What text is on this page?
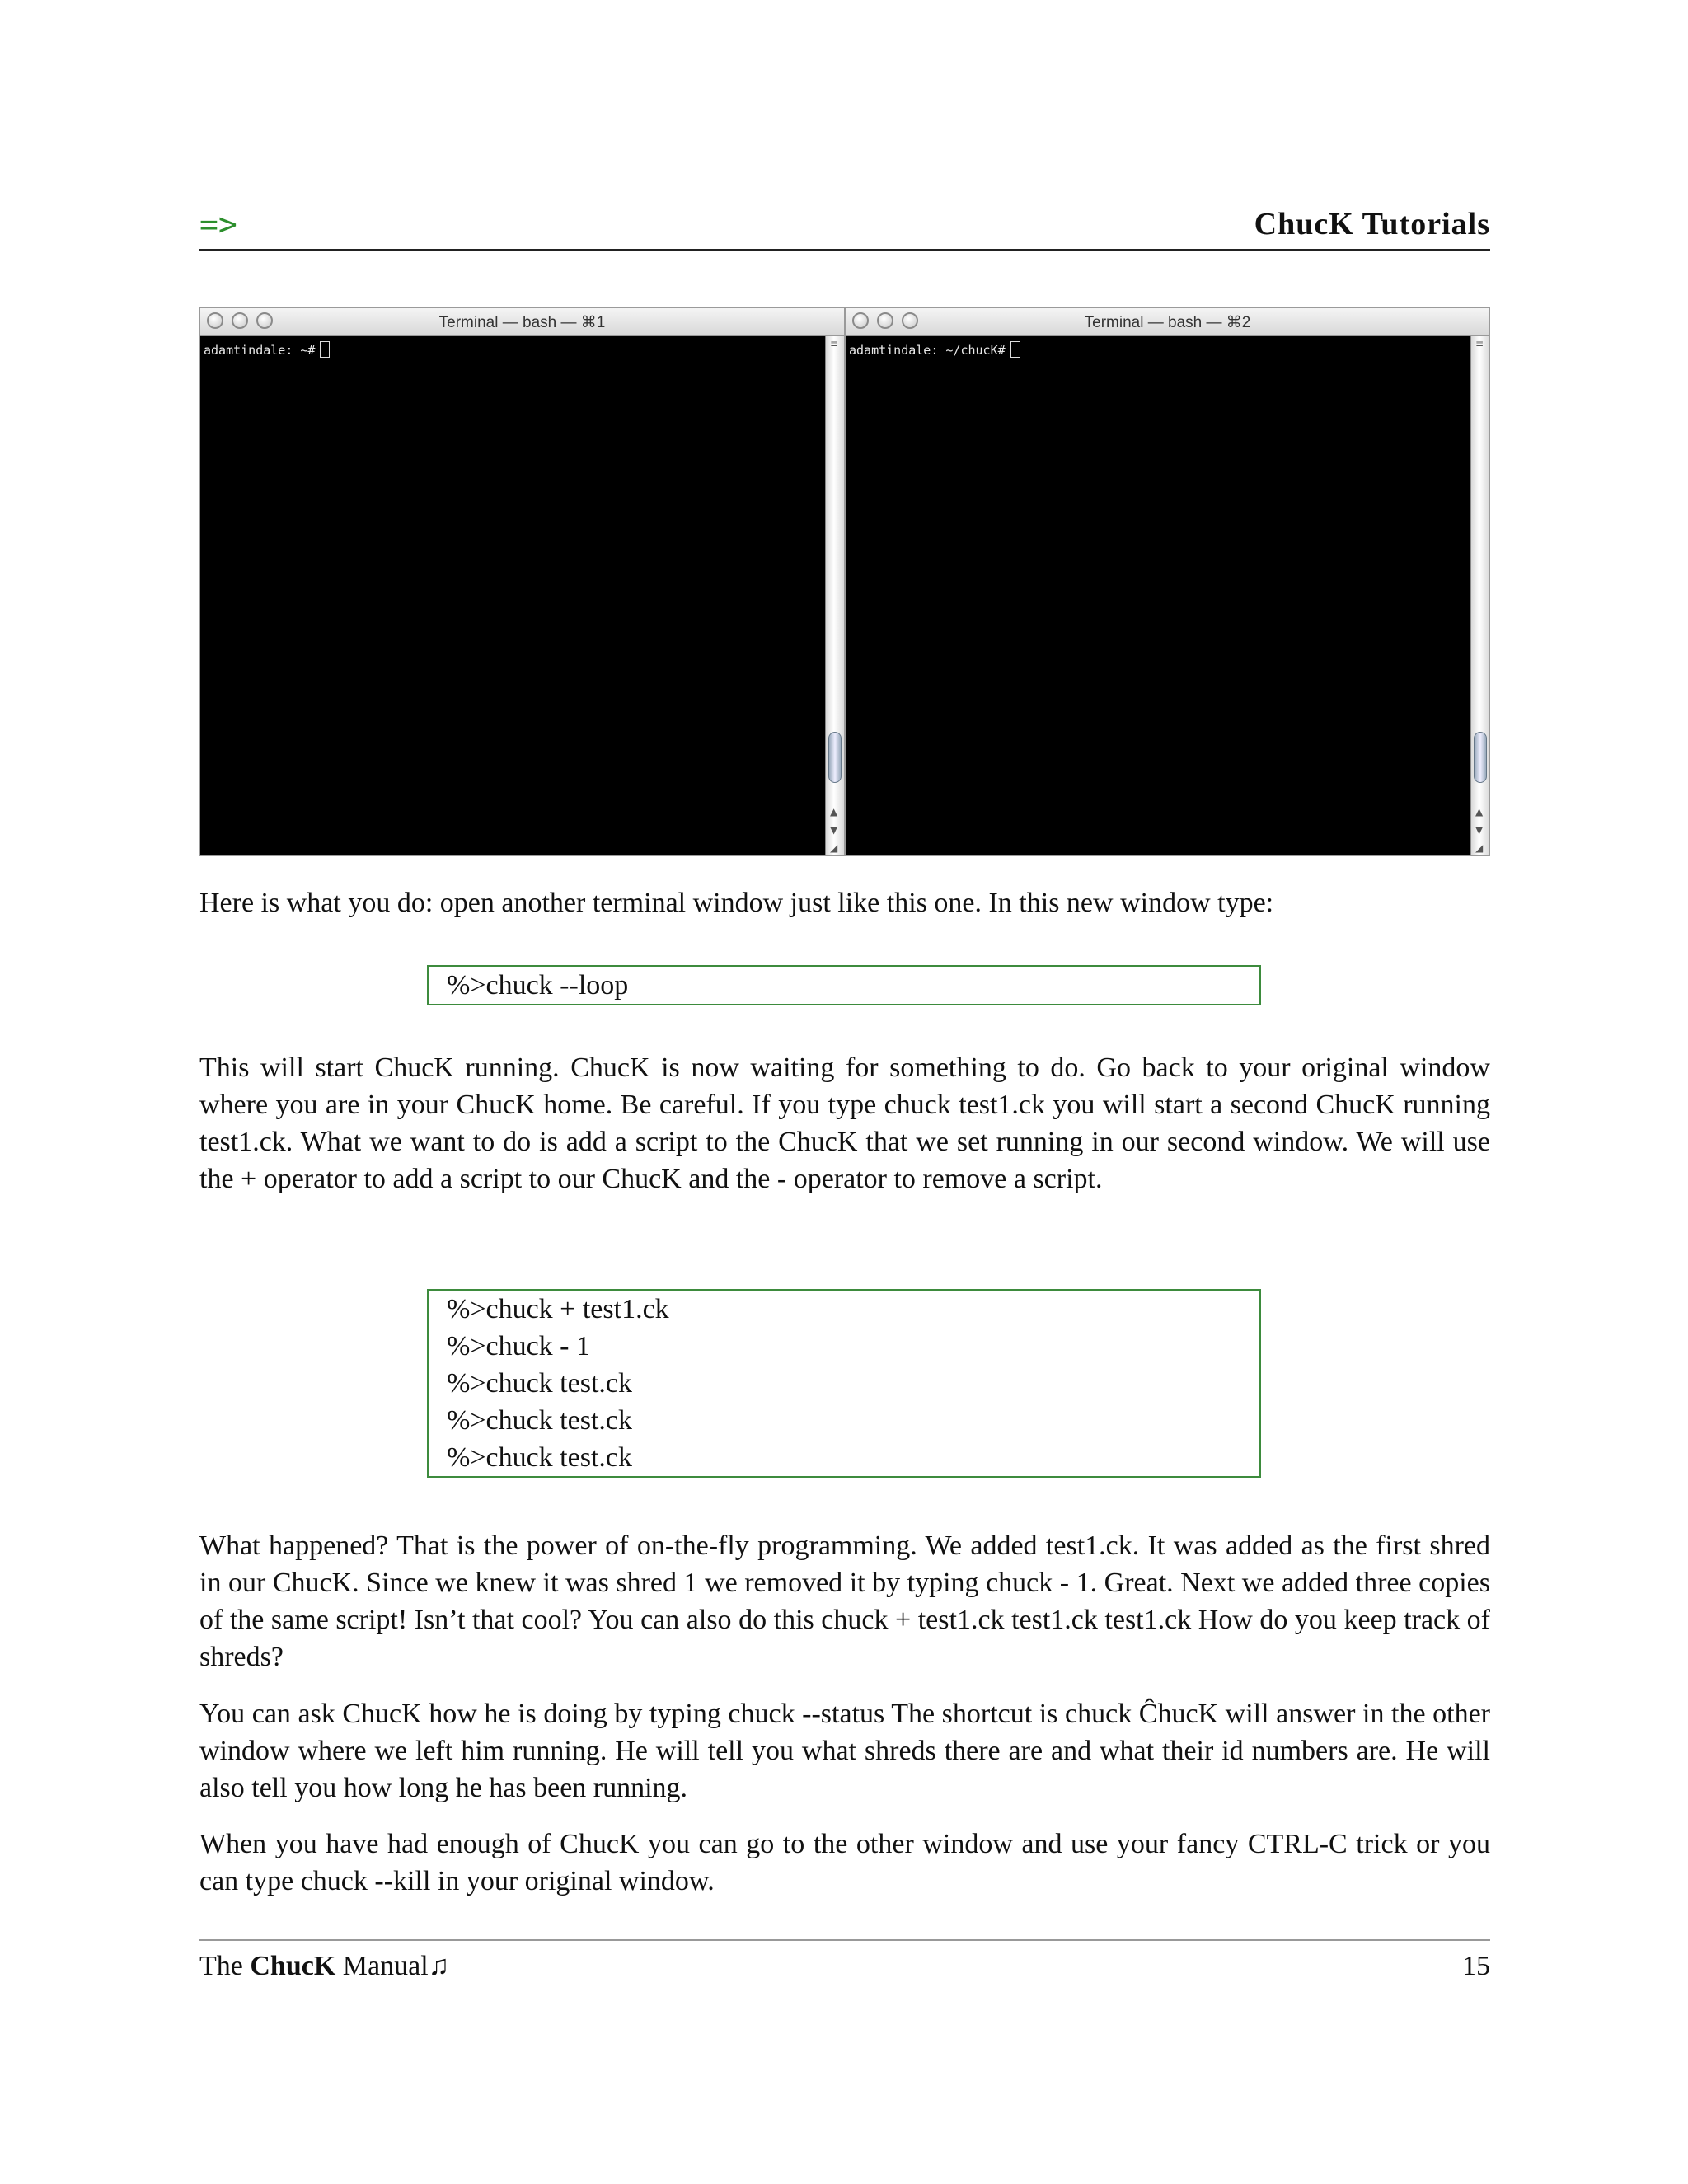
=>	ChucK Tutorials
Terminal — bash — ⌘1
adamtindale: ~#	≡
▲
▼
◢
Terminal — bash — ⌘2
adamtindale: ~/chucK#	≡
▲
▼
◢

Here is what you do: open another terminal window just like this one. In this new window type:

%>chuck --loop

This will start ChucK running. ChucK is now waiting for something to do. Go back to your original window where you are in your ChucK home. Be careful. If you type chuck test1.ck you will start a second ChucK running test1.ck. What we want to do is add a script to the ChucK that we set running in our second window. We will use the + operator to add a script to our ChucK and the - operator to remove a script.

%>chuck + test1.ck
%>chuck - 1
%>chuck test.ck
%>chuck test.ck
%>chuck test.ck

What happened? That is the power of on-the-fly programming. We added test1.ck. It was added as the first shred in our ChucK. Since we knew it was shred 1 we removed it by typing chuck - 1. Great. Next we added three copies of the same script! Isn’t that cool? You can also do this chuck + test1.ck test1.ck test1.ck How do you keep track of shreds?

You can ask ChucK how he is doing by typing chuck --status The shortcut is chuck ĈhucK will answer in the other window where we left him running. He will tell you what shreds there are and what their id numbers are. He will also tell you how long he has been running.

When you have had enough of ChucK you can go to the other window and use your fancy CTRL-C trick or you can type chuck --kill in your original window.

The ChucK Manual♫	15
